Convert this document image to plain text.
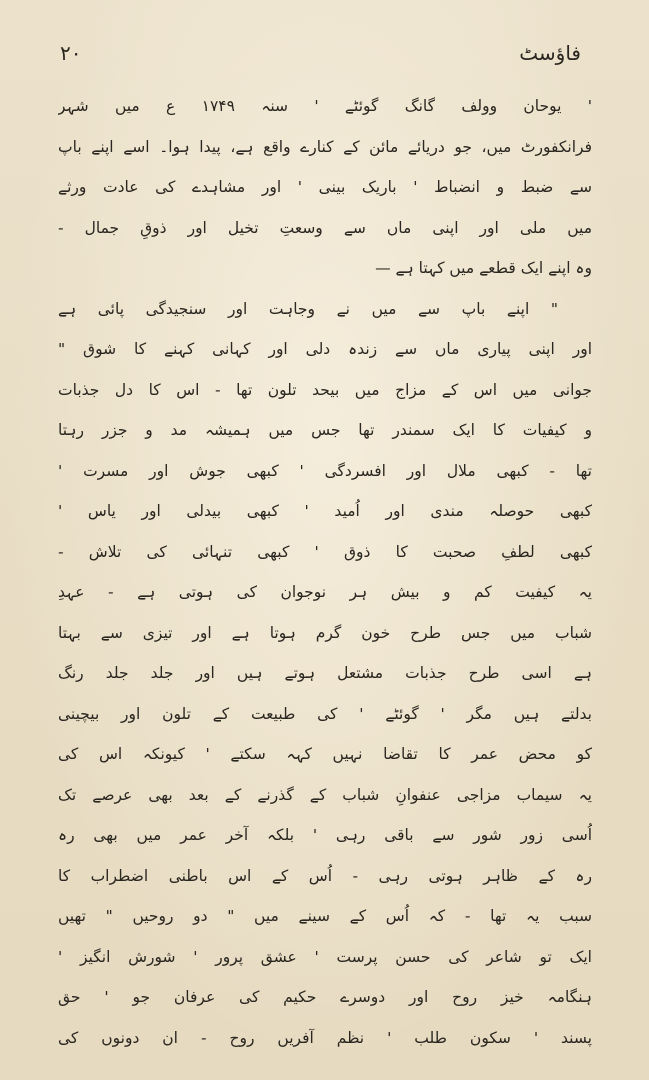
۲۰	فاؤسٹ
' یوحان وولف گانگ گوئٹے ' سنہ ۱۷۴۹ ع میں شہر
فرانکفورٹ میں، جو دریائے مائن کے کنارے واقع ہے، پیدا ہوا۔ اسے اپنے باپ
سے ضبط و انضباط ' باریک بینی ' اور مشاہدے کی عادت ورثے
میں ملی اور اپنی ماں سے وسعتِ تخیل اور ذوقِ جمال -
وہ اپنے ایک قطعے میں کہتا ہے —
" اپنے باپ سے میں نے وجاہت اور سنجیدگی پائی ہے
اور اپنی پیاری ماں سے زندہ دلی اور کہانی کہنے کا شوق "
جوانی میں اس کے مزاج میں بیحد تلون تھا - اس کا دل جذبات
و کیفیات کا ایک سمندر تھا جس میں ہمیشہ مد و جزر رہتا
تھا - کبھی ملال اور افسردگی ' کبھی جوش اور مسرت '
کبھی حوصلہ مندی اور اُمید ' کبھی بیدلی اور یاس '
کبھی لطفِ صحبت کا ذوق ' کبھی تنہائی کی تلاش -
یہ کیفیت کم و بیش ہر نوجوان کی ہوتی ہے - عہدِ
شباب میں جس طرح خون گرم ہوتا ہے اور تیزی سے بہتا
ہے اسی طرح جذبات مشتعل ہوتے ہیں اور جلد جلد رنگ
بدلتے ہیں مگر ' گوئٹے ' کی طبیعت کے تلون اور بیچینی
کو محض عمر کا تقاضا نہیں کہہ سکتے ' کیونکہ اس کی
یہ سیماب مزاجی عنفوانِ شباب کے گذرنے کے بعد بھی عرصے تک
اُسی زور شور سے باقی رہی ' بلکہ آخر عمر میں بھی رہ
رہ کے ظاہر ہوتی رہی - اُس کے اس باطنی اضطراب کا
سبب یہ تھا - کہ اُس کے سینے میں " دو روحیں " تھیں
ایک تو شاعر کی حسن پرست ' عشق پرور ' شورش انگیز '
ہنگامہ خیز روح اور دوسرے حکیم کی عرفان جو ' حق
پسند ' سکون طلب ' نظم آفریں روح - ان دونوں کی
